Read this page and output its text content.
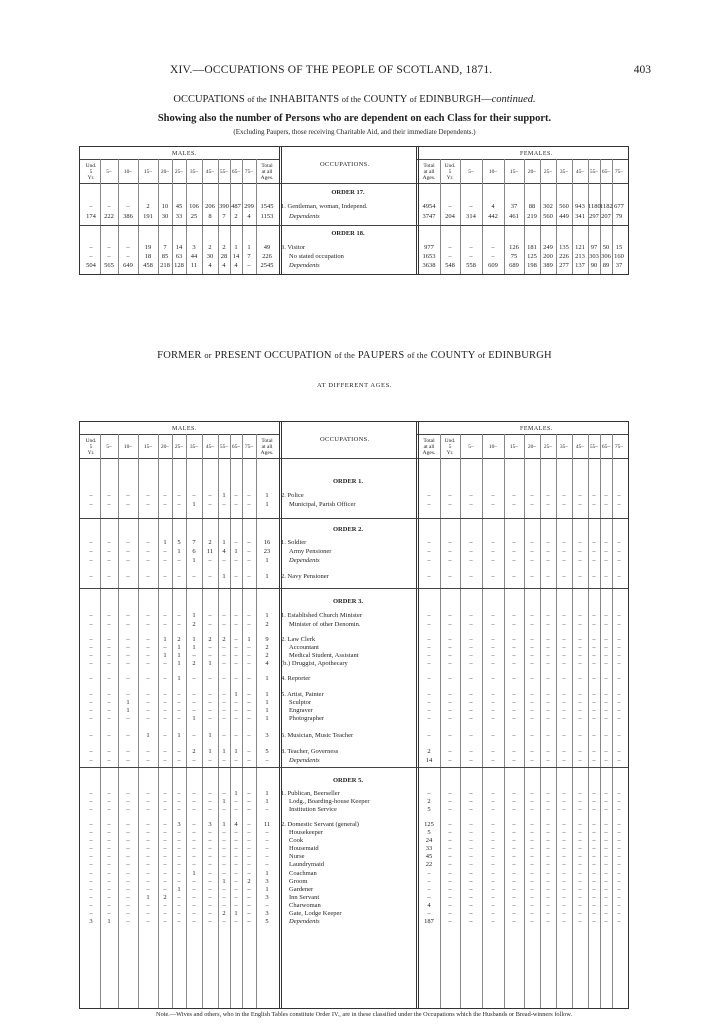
XIV.—OCCUPATIONS OF THE PEOPLE OF SCOTLAND, 1871.	403
OCCUPATIONS of the INHABITANTS of the COUNTY of EDINBURGH—continued.
Showing also the number of Persons who are dependent on each Class for their support.
(Excluding Paupers, those receiving Charitable Aid, and their immediate Dependents.)
MALES.	FEMALES.
OCCUPATIONS.
Und.
5
Yr.
5–	10–	15–	20–	25–	35–	45–	55– 65– 75–
Total
at all
Ages.
Total
at all
Ages.
Und.
5
Yr.
5–	10–	15–	20–	25–	35–	45–	55– 65– 75–
ORDER 17.
ORDER 18.
–	–	–	2	10	45	106 206 390 487 299	1545	1. Gentleman, woman, Independ.	4954	–	–	4	37	88	302 560 943 1180 1182 677
174	222	386	191	30	33	25	8	7	2	4	1153	Dependents	3747	204	314	442	461	219 560 449 341 297 207 79
–	–	–	19	7	14	3	2	2	1	1	49	3. Visitor	977	–	–	–	126	181 249 135 121 97 50	15
–	–	–	18	85	63	44	30	28 14	7	226	No stated occupation	1653	–	–	–	75	125 200 226 213 303 306 160
504	565	649	458	218 128	11	4	4	4	–	2545	Dependents	3638	548	558	609	689	198 389 277 137 90 89	37
FORMER or PRESENT OCCUPATION of the PAUPERS of the COUNTY of EDINBURGH
AT DIFFERENT AGES.
MALES.	FEMALES.
OCCUPATIONS.
Und.
5
Yr.
5–	10–	15–	20–	25–	35–	45–	55– 65– 75–
Total
at all
Ages.
Total
at all
Ages.
Und.
5
Yr.
5–	10–	15–	20–	25–	35–	45–	55– 65– 75–
ORDER 1.
ORDER 2.
ORDER 3.
ORDER 5.
–	–	–	–	–	–	–	–	1	–	–	1	2. Police	–	–	–	–	–	–	–	–	–	–	–	–
–	–	–	–	–	–	1	–	–	–	–	1	Municipal, Parish Officer	–	–	–	–	–	–	–	–	–	–	–	–
–	–	–	–	1	5	7	2	1	–	–	16	1. Soldier	–	–	–	–	–	–	–	–	–	–	–	–
–	–	–	–	–	1	6	11	4	1	–	23	Army Pensioner	–	–	–	–	–	–	–	–	–	–	–	–
–	–	–	–	–	–	1	–	–	–	–	1	Dependents	–	–	–	–	–	–	–	–	–	–	–	–
–	–	–	–	–	–	–	–	1	–	–	1	2. Navy Pensioner	–	–	–	–	–	–	–	–	–	–	–	–
–	–	–	–	–	–	1	–	–	–	–	1	1. Established Church Minister	–	–	–	–	–	–	–	–	–	–	–	–
–	–	–	–	–	–	2	–	–	–	–	2	Minister of other Denomin.	–	–	–	–	–	–	–	–	–	–	–	–
–	–	–	–	1	2	1	2	2	–	1	9	2. Law Clerk	–	–	–	–	–	–	–	–	–	–	–	–
–	–	–	–	–	1	1	–	–	–	–	2	Accountant	–	–	–	–	–	–	–	–	–	–	–	–
–	–	–	–	1	1	–	–	–	–	–	2	Medical Student, Assistant	–	–	–	–	–	–	–	–	–	–	–	–
–	–	–	–	–	1	2	1	–	–	–	4	(b.) Druggist, Apothecary	–	–	–	–	–	–	–	–	–	–	–	–
–	–	–	–	–	1	–	–	–	–	–	1	4. Reporter	–	–	–	–	–	–	–	–	–	–	–	–
–	–	–	–	–	–	–	–	–	1	–	1	5. Artist, Painter	–	–	–	–	–	–	–	–	–	–	–	–
–	–	1	–	–	–	–	–	–	–	–	1	Sculptor	–	–	–	–	–	–	–	–	–	–	–	–
–	–	1	–	–	–	–	–	–	–	–	1	Engraver	–	–	–	–	–	–	–	–	–	–	–	–
–	–	–	–	–	–	1	–	–	–	–	1	Photographer	–	–	–	–	–	–	–	–	–	–	–	–
–	–	–	1	–	1	–	1	–	–	–	3	6. Musician, Music Teacher	–	–	–	–	–	–	–	–	–	–	–	–
–	–	–	–	–	–	2	1	1	1	–	5	8. Teacher, Governess	2	–	–	–	–	–	–	–	–	–	–	–
–	–	–	–	–	–	–	–	–	–	–	–	Dependents	14	–	–	–	–	–	–	–	–	–	–	–
–	–	–	–	–	–	–	–	–	1	–	1	1. Publican, Beerseller	–	–	–	–	–	–	–	–	–	–	–	–
–	–	–	–	–	–	–	–	1	–	–	1	Lodg., Boarding-house Keeper	2	–	–	–	–	–	–	–	–	–	–	–
–	–	–	–	–	–	–	–	–	–	–	–	Institution Service	5	–	–	–	–	–	–	–	–	–	–	–
–	–	–	–	–	3	–	3	1	4	–	11	2. Domestic Servant (general)	125	–	–	–	–	–	–	–	–	–	–	–
–	–	–	–	–	–	–	–	–	–	–	–	Housekeeper	5	–	–	–	–	–	–	–	–	–	–	–
–	–	–	–	–	–	–	–	–	–	–	–	Cook	24	–	–	–	–	–	–	–	–	–	–	–
–	–	–	–	–	–	–	–	–	–	–	–	Housemaid	33	–	–	–	–	–	–	–	–	–	–	–
–	–	–	–	–	–	–	–	–	–	–	–	Nurse	45	–	–	–	–	–	–	–	–	–	–	–
–	–	–	–	–	–	–	–	–	–	–	–	Laundrymaid	22	–	–	–	–	–	–	–	–	–	–	–
–	–	–	–	–	–	1	–	–	–	–	1	Coachman	–	–	–	–	–	–	–	–	–	–	–	–
–	–	–	–	–	–	–	–	1	–	2	3	Groom	–	–	–	–	–	–	–	–	–	–	–	–
–	–	–	–	–	1	–	–	–	–	–	1	Gardener	–	–	–	–	–	–	–	–	–	–	–	–
–	–	–	1	2	–	–	–	–	–	–	3	Inn Servant	–	–	–	–	–	–	–	–	–	–	–	–
–	–	–	–	–	–	–	–	–	–	–	–	Charwoman	4	–	–	–	–	–	–	–	–	–	–	–
–	–	–	–	–	–	–	–	2	1	–	3	Gate, Lodge Keeper	–	–	–	–	–	–	–	–	–	–	–	–
3	1	–	–	–	–	–	–	–	–	–	5	Dependents	187	–	–	–	–	–	–	–	–	–	–	–
Note.—Wives and others, who in the English Tables constitute Order IV., are in these classified under the Occupations which the Husbands or Bread-winners follow.
